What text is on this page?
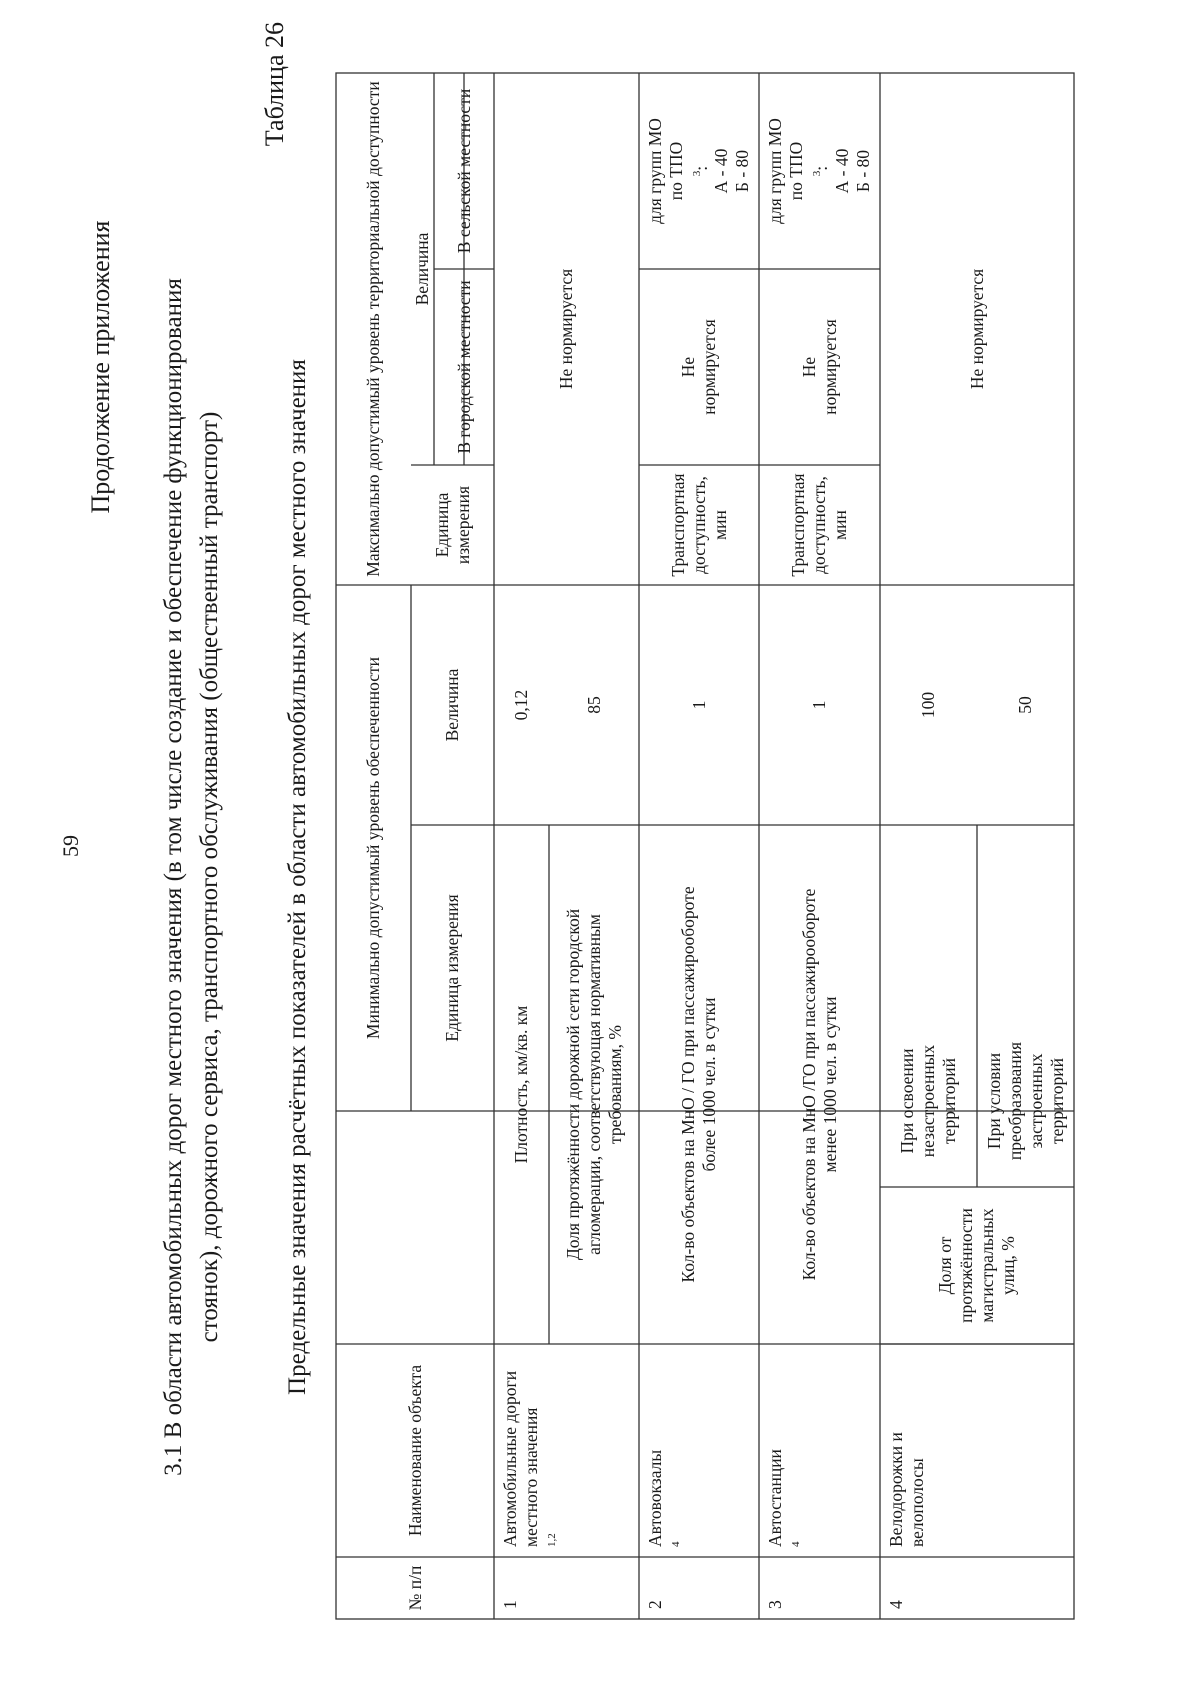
59
Продолжение приложения 3.1 В области автомобильных дорог местного значения (в том числе создание и обеспечение функционирования стоянок), дорожного сервиса, транспортного обслуживания (общественный транспорт)
Таблица 26
Предельные значения расчётных показателей в области автомобильных дорог местного значения
№ п/п
Наименование объекта
Минимально допустимый уровень обеспеченности	Единица измерения
Величина
Максимально допустимый уровень территориальной доступности	Единица измерения
Величина
В городской местности
В сельской местности
1
Автомобильные дороги местного значения $^{1,2}$
Плотность, км/кв. км
0,12
Доля протяжённости дорожной сети городской агломерации, соответствующая нормативным требованиям, %
85
Не нормируется
2
Автовокзалы $^4$
Кол-во объектов на МнО / ГО при пассажирообороте более 1000 чел. в сутки
1
Транспортная доступность, мин
Не нормируется
для групп МО по ТПО $^3$: А - 40 Б - 80
3
Автостанции $^4$
Кол-во объектов на МнО /ГО при пассажирообороте менее 1000 чел. в сутки
1
Транспортная доступность, мин
Не нормируется
для групп МО по ТПО $^3$: А - 40 Б - 80
4
Велодорожки и велополосы
Доля от протяжённости магистральных улиц, %
При освоении незастроенных территорий
100
При условии преобразования застроенных территорий
50
Не нормируется
